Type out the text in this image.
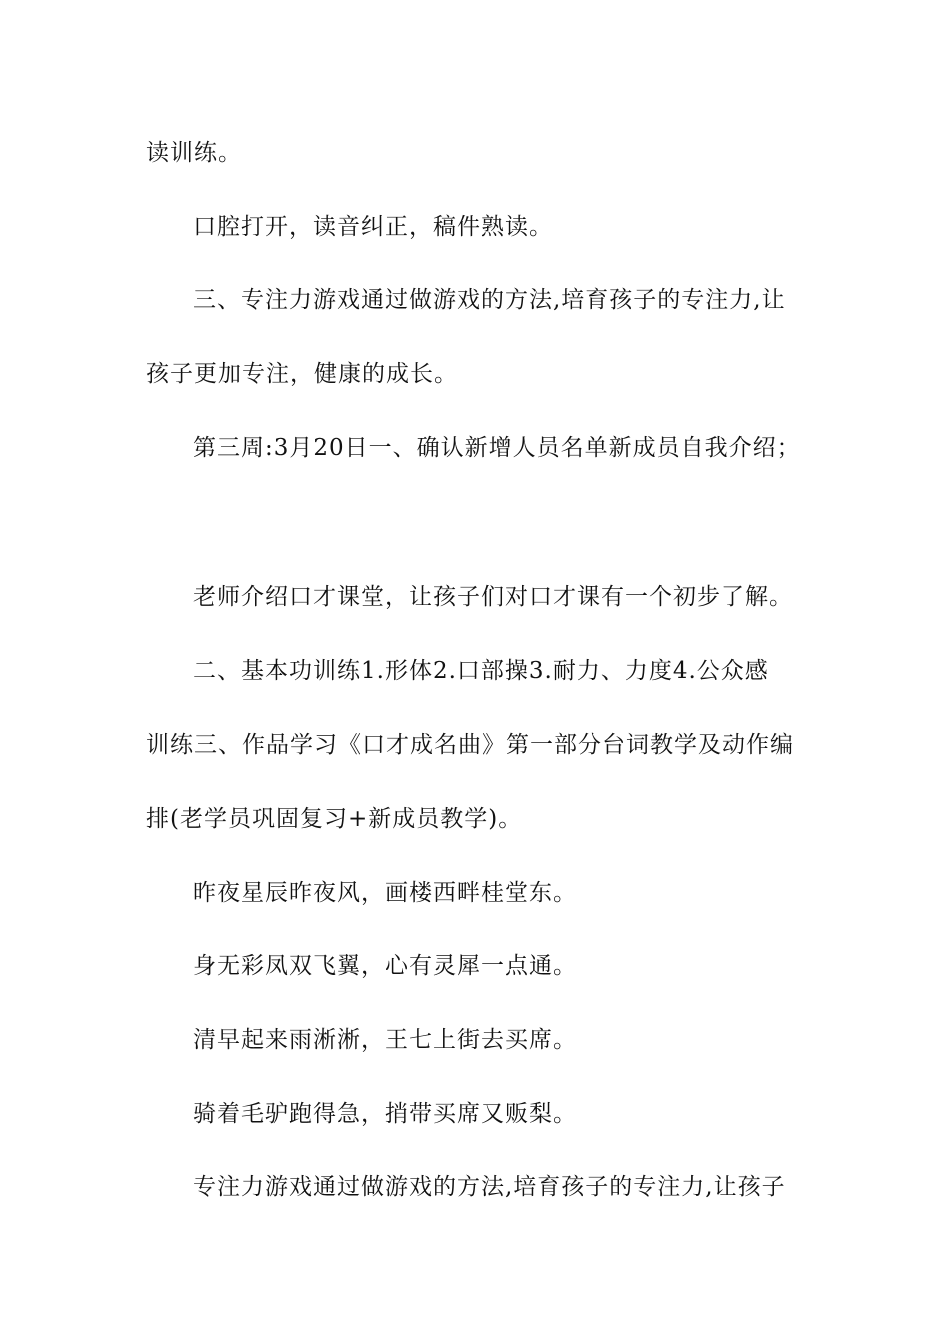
读训练。
口腔打开，读音纠正，稿件熟读。
三、专注力游戏通过做游戏的方法,培育孩子的专注力,让
孩子更加专注，健康的成长。
第三周:3月20日一、确认新增人员名单新成员自我介绍；
老师介绍口才课堂，让孩子们对口才课有一个初步了解。
二、基本功训练1.形体2.口部操3.耐力、力度4.公众感
训练三、作品学习《口才成名曲》第一部分台词教学及动作编
排(老学员巩固复习+新成员教学)。
昨夜星辰昨夜风，画楼西畔桂堂东。
身无彩凤双飞翼，心有灵犀一点通。
清早起来雨淅淅，王七上街去买席。
骑着毛驴跑得急，捎带买席又贩梨。
专注力游戏通过做游戏的方法,培育孩子的专注力,让孩子
